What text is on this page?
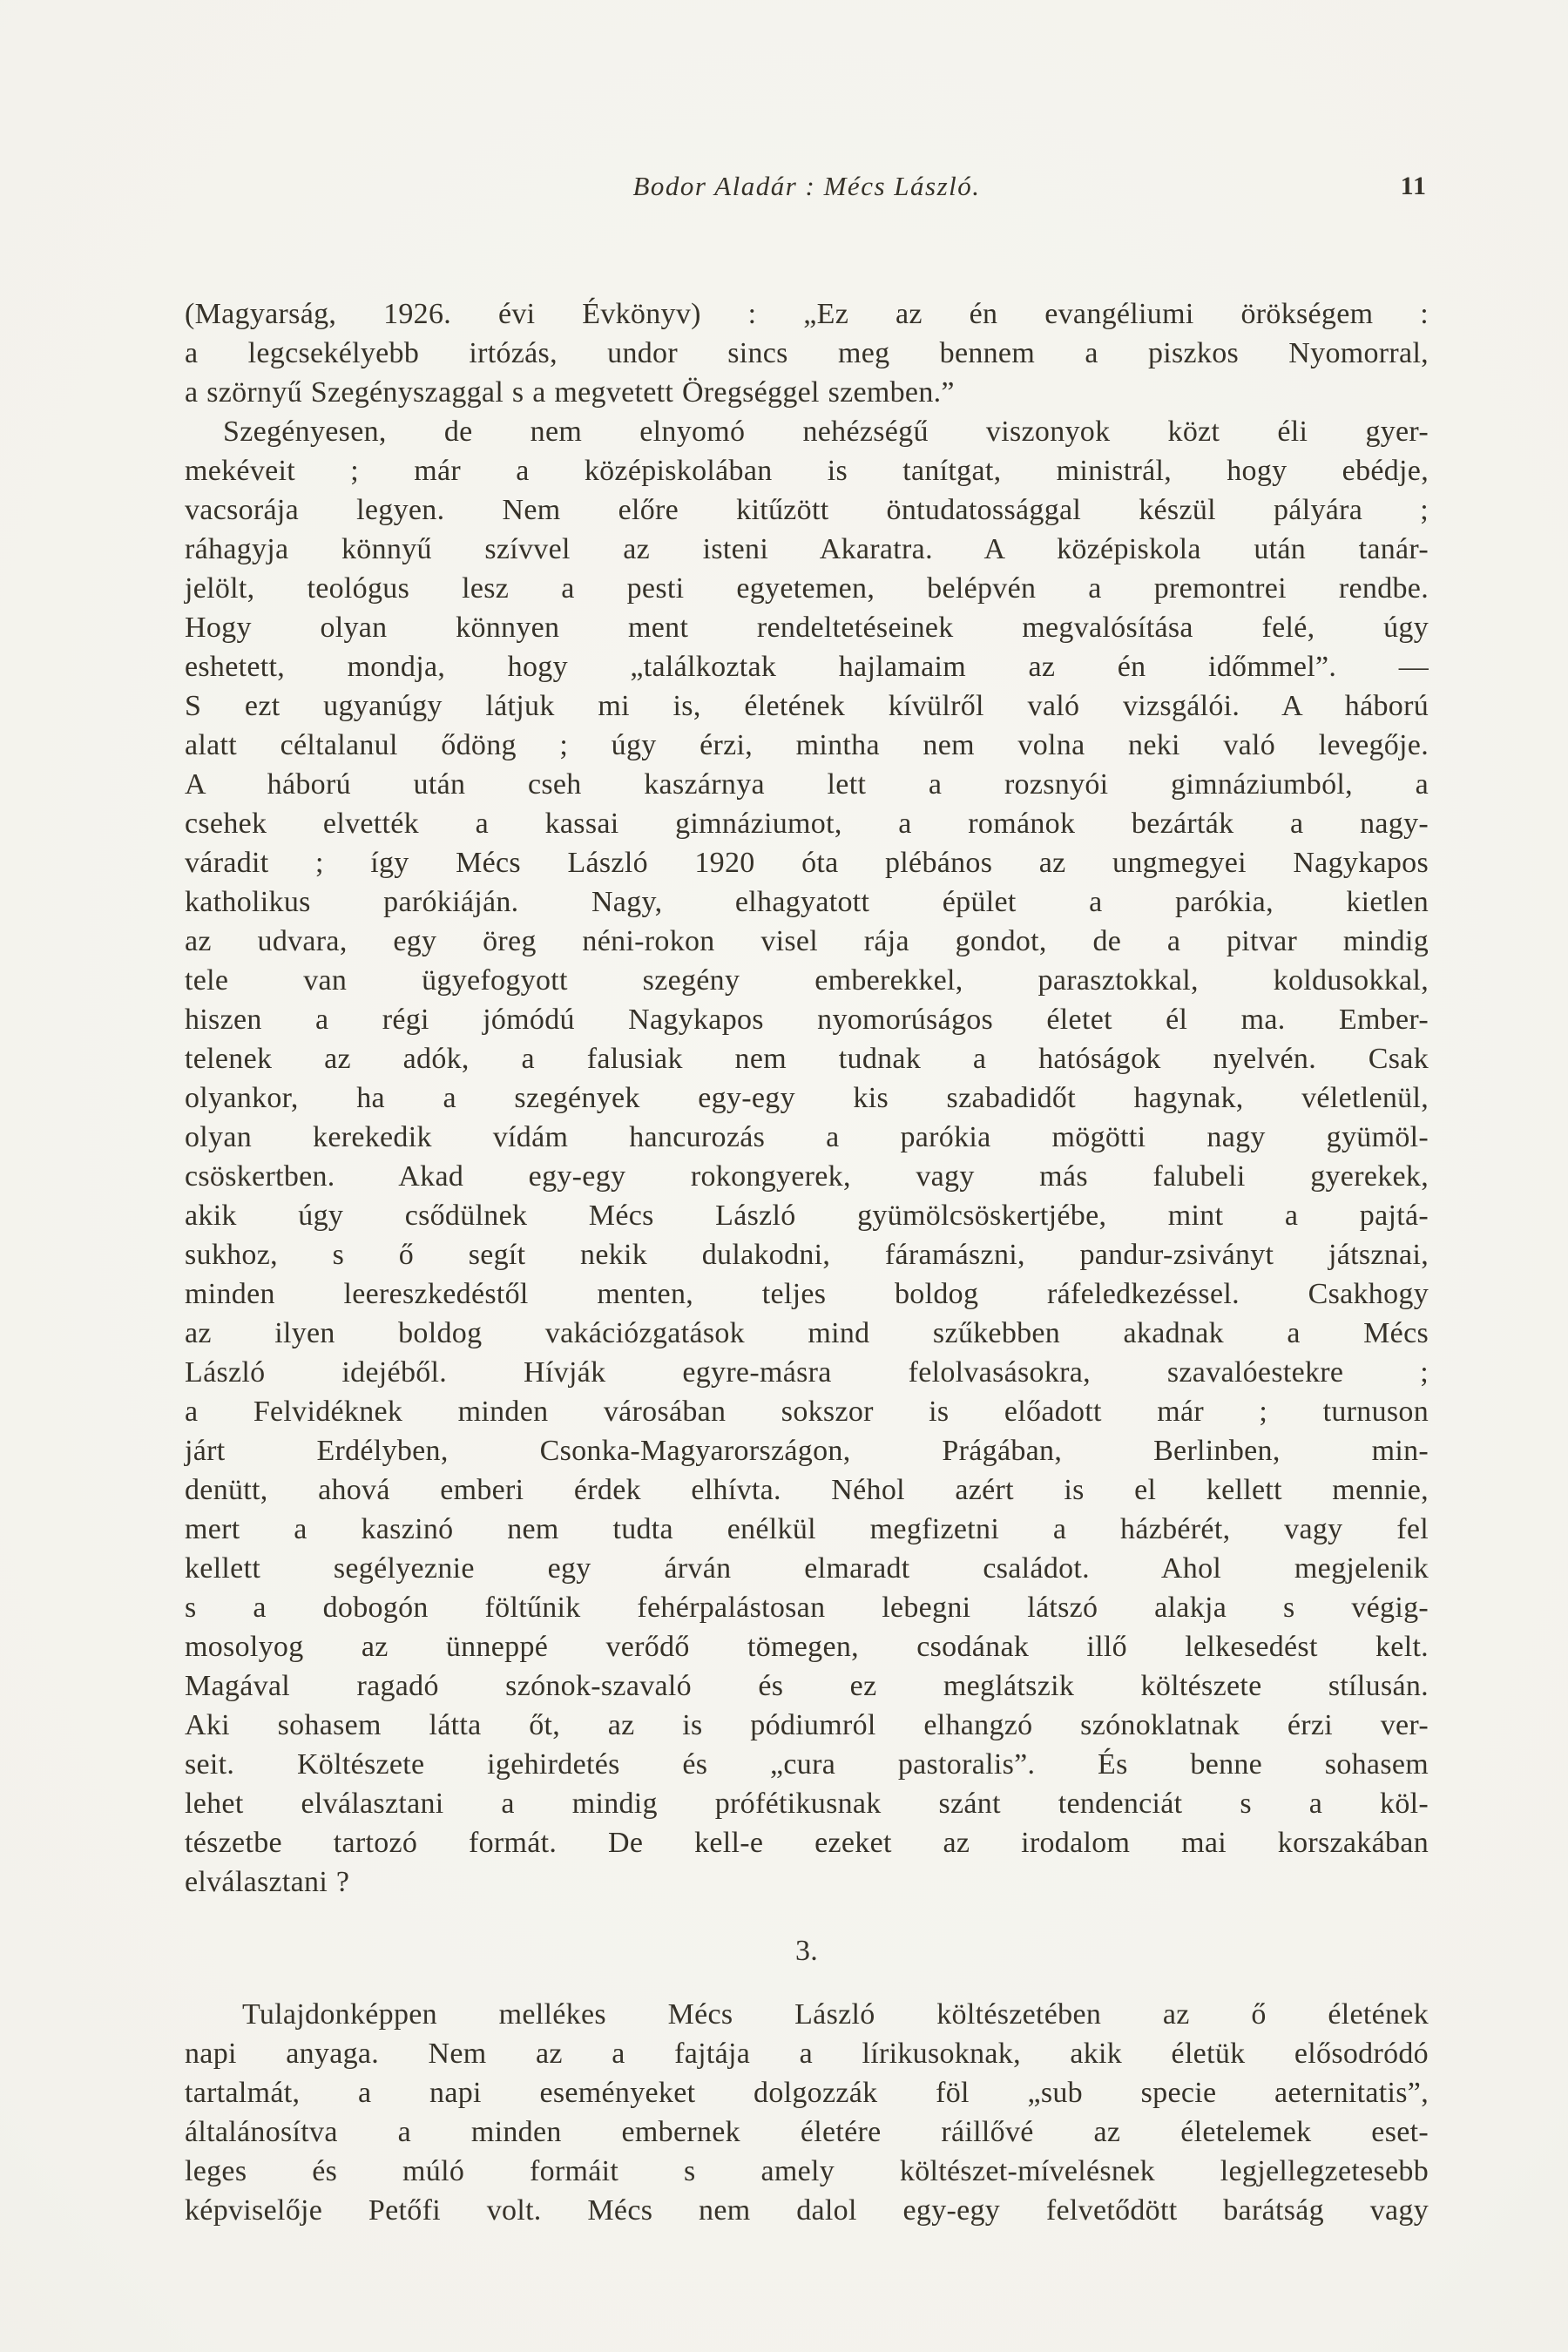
Bodor Aladár : Mécs László.	11
(Magyarság, 1926. évi Évkönyv) : „Ez az én evangéliumi örökségem :
a legcsekélyebb irtózás, undor sincs meg bennem a piszkos Nyomorral,
a szörnyű Szegényszaggal s a megvetett Öregséggel szemben.”
Szegényesen, de nem elnyomó nehézségű viszonyok közt éli gyer-
mekéveit ; már a középiskolában is tanítgat, ministrál, hogy ebédje,
vacsorája legyen. Nem előre kitűzött öntudatossággal készül pályára ;
ráhagyja könnyű szívvel az isteni Akaratra. A középiskola után tanár-
jelölt, teológus lesz a pesti egyetemen, belépvén a premontrei rendbe.
Hogy olyan könnyen ment rendeltetéseinek megvalósítása felé, úgy
eshetett, mondja, hogy „találkoztak hajlamaim az én időmmel”. —
S ezt ugyanúgy látjuk mi is, életének kívülről való vizsgálói. A háború
alatt céltalanul ődöng ; úgy érzi, mintha nem volna neki való levegője.
A háború után cseh kaszárnya lett a rozsnyói gimnáziumból, a
csehek elvették a kassai gimnáziumot, a románok bezárták a nagy-
váradit ; így Mécs László 1920 óta plébános az ungmegyei Nagykapos
katholikus parókiáján. Nagy, elhagyatott épület a parókia, kietlen
az udvara, egy öreg néni-rokon visel rája gondot, de a pitvar mindig
tele van ügyefogyott szegény emberekkel, parasztokkal, koldusokkal,
hiszen a régi jómódú Nagykapos nyomorúságos életet él ma. Ember-
telenek az adók, a falusiak nem tudnak a hatóságok nyelvén. Csak
olyankor, ha a szegények egy-egy kis szabadidőt hagynak, véletlenül,
olyan kerekedik vídám hancurozás a parókia mögötti nagy gyümöl-
csöskertben. Akad egy-egy rokongyerek, vagy más falubeli gyerekek,
akik úgy csődülnek Mécs László gyümölcsöskertjébe, mint a pajtá-
sukhoz, s ő segít nekik dulakodni, fáramászni, pandur-zsiványt játsznai,
minden leereszkedéstől menten, teljes boldog ráfeledkezéssel. Csakhogy
az ilyen boldog vakációzgatások mind szűkebben akadnak a Mécs
László idejéből. Hívják egyre-másra felolvasásokra, szavalóestekre ;
a Felvidéknek minden városában sokszor is előadott már ; turnuson
járt Erdélyben, Csonka-Magyarországon, Prágában, Berlinben, min-
denütt, ahová emberi érdek elhívta. Néhol azért is el kellett mennie,
mert a kaszinó nem tudta enélkül megfizetni a házbérét, vagy fel
kellett segélyeznie egy árván elmaradt családot. Ahol megjelenik
s a dobogón föltűnik fehérpalástosan lebegni látszó alakja s végig-
mosolyog az ünneppé verődő tömegen, csodának illő lelkesedést kelt.
Magával ragadó szónok-szavaló és ez meglátszik költészete stílusán.
Aki sohasem látta őt, az is pódiumról elhangzó szónoklatnak érzi ver-
seit. Költészete igehirdetés és „cura pastoralis”. És benne sohasem
lehet elválasztani a mindig prófétikusnak szánt tendenciát s a köl-
tészetbe tartozó formát. De kell-e ezeket az irodalom mai korszakában
elválasztani ?
3.
Tulajdonképpen mellékes Mécs László költészetében az ő életének
napi anyaga. Nem az a fajtája a lírikusoknak, akik életük elősodródó
tartalmát, a napi eseményeket dolgozzák föl „sub specie aeternitatis”,
általánosítva a minden embernek életére ráillővé az életelemek eset-
leges és múló formáit s amely költészet-mívelésnek legjellegzetesebb
képviselője Petőfi volt. Mécs nem dalol egy-egy felvetődött barátság vagy
